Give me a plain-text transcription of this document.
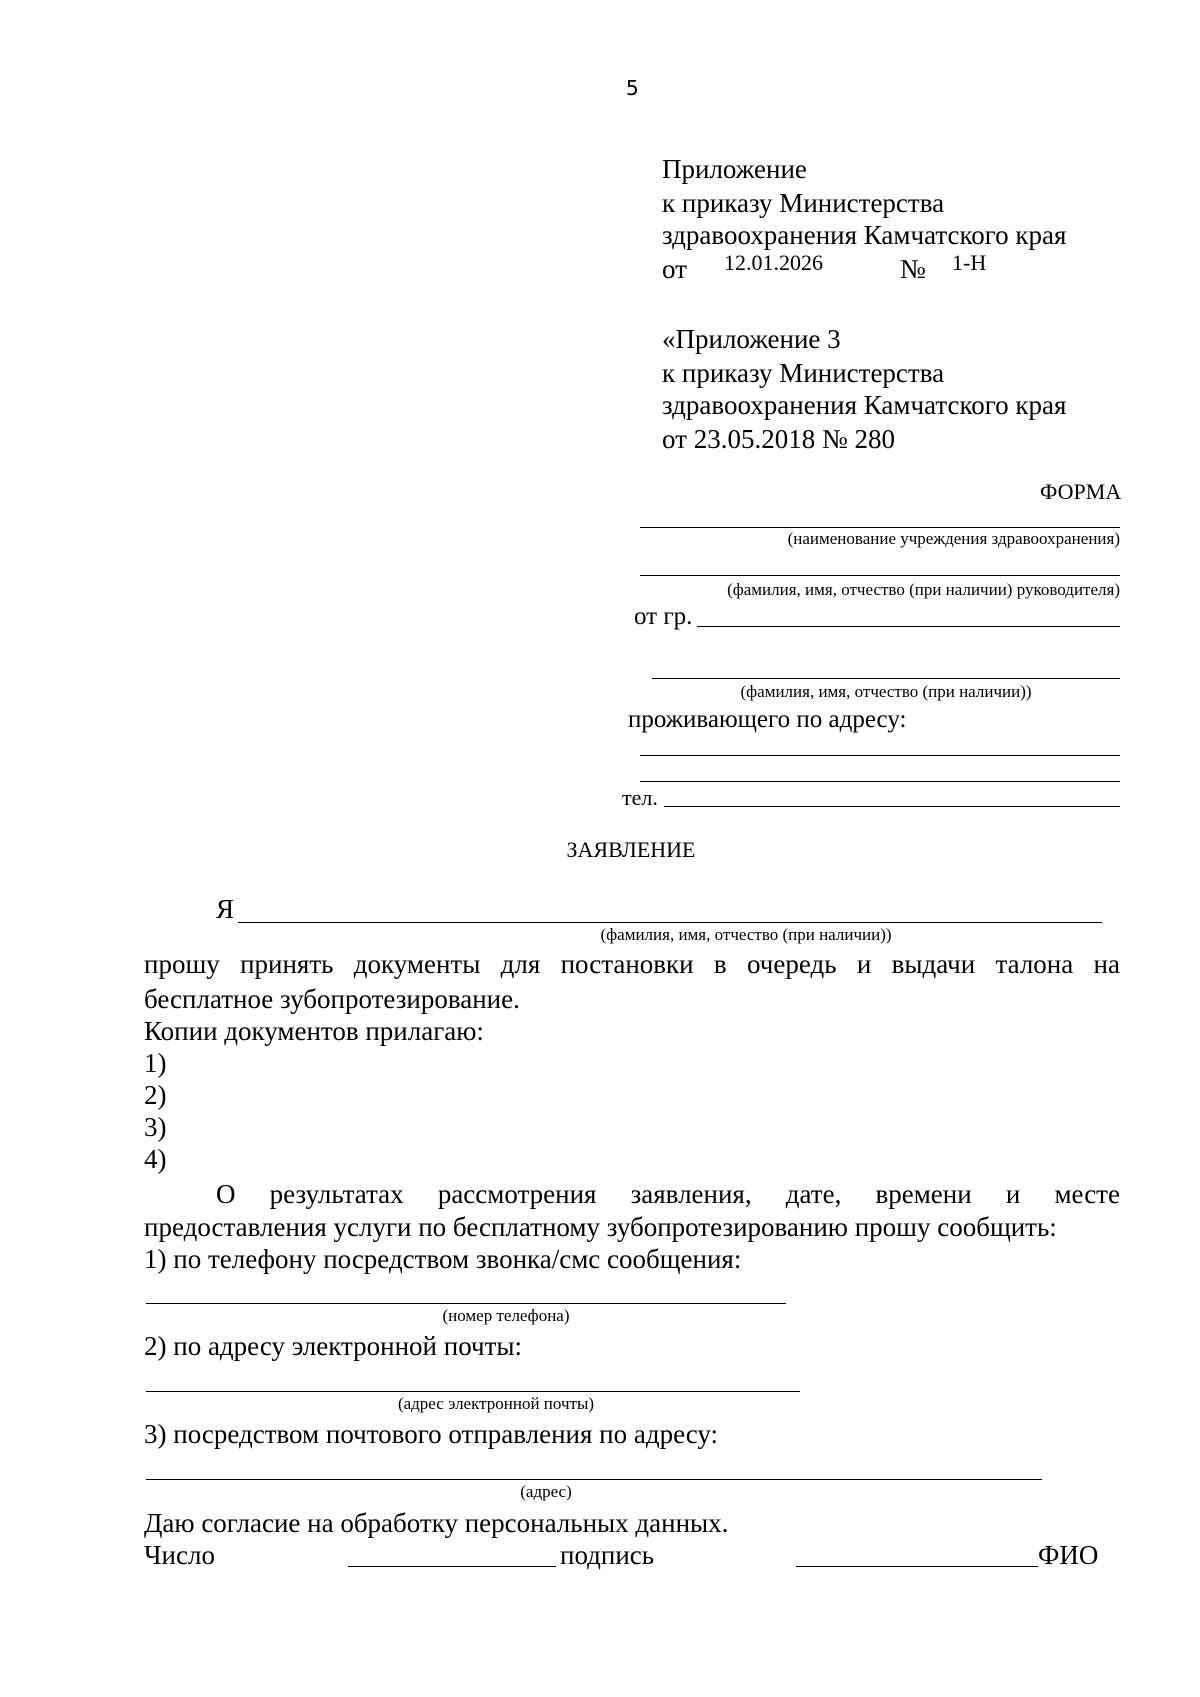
5
Приложение
к приказу Министерства
здравоохранения Камчатского края
от 12.01.2026	№ 1-Н
«Приложение 3
к приказу Министерства
здравоохранения Камчатского края
от 23.05.2018 № 280
ФОРМА
(наименование учреждения здравоохранения)
(фамилия, имя, отчество (при наличии) руководителя)
от гр.
(фамилия, имя, отчество (при наличии))
проживающего по адресу:
тел.
ЗАЯВЛЕНИЕ
Я
(фамилия, имя, отчество (при наличии))
прошу принять документы для постановки в очередь и выдачи талона на
бесплатное зубопротезирование.
Копии документов прилагаю:
1)
2)
3)
4)
О результатах рассмотрения заявления, дате, времени и месте
предоставления услуги по бесплатному зубопротезированию прошу сообщить:
1) по телефону посредством звонка/смс сообщения:
(номер телефона)
2) по адресу электронной почты:
(адрес электронной почты)
3) посредством почтового отправления по адресу:
(адрес)
Даю согласие на обработку персональных данных.
Число	подпись	ФИО
